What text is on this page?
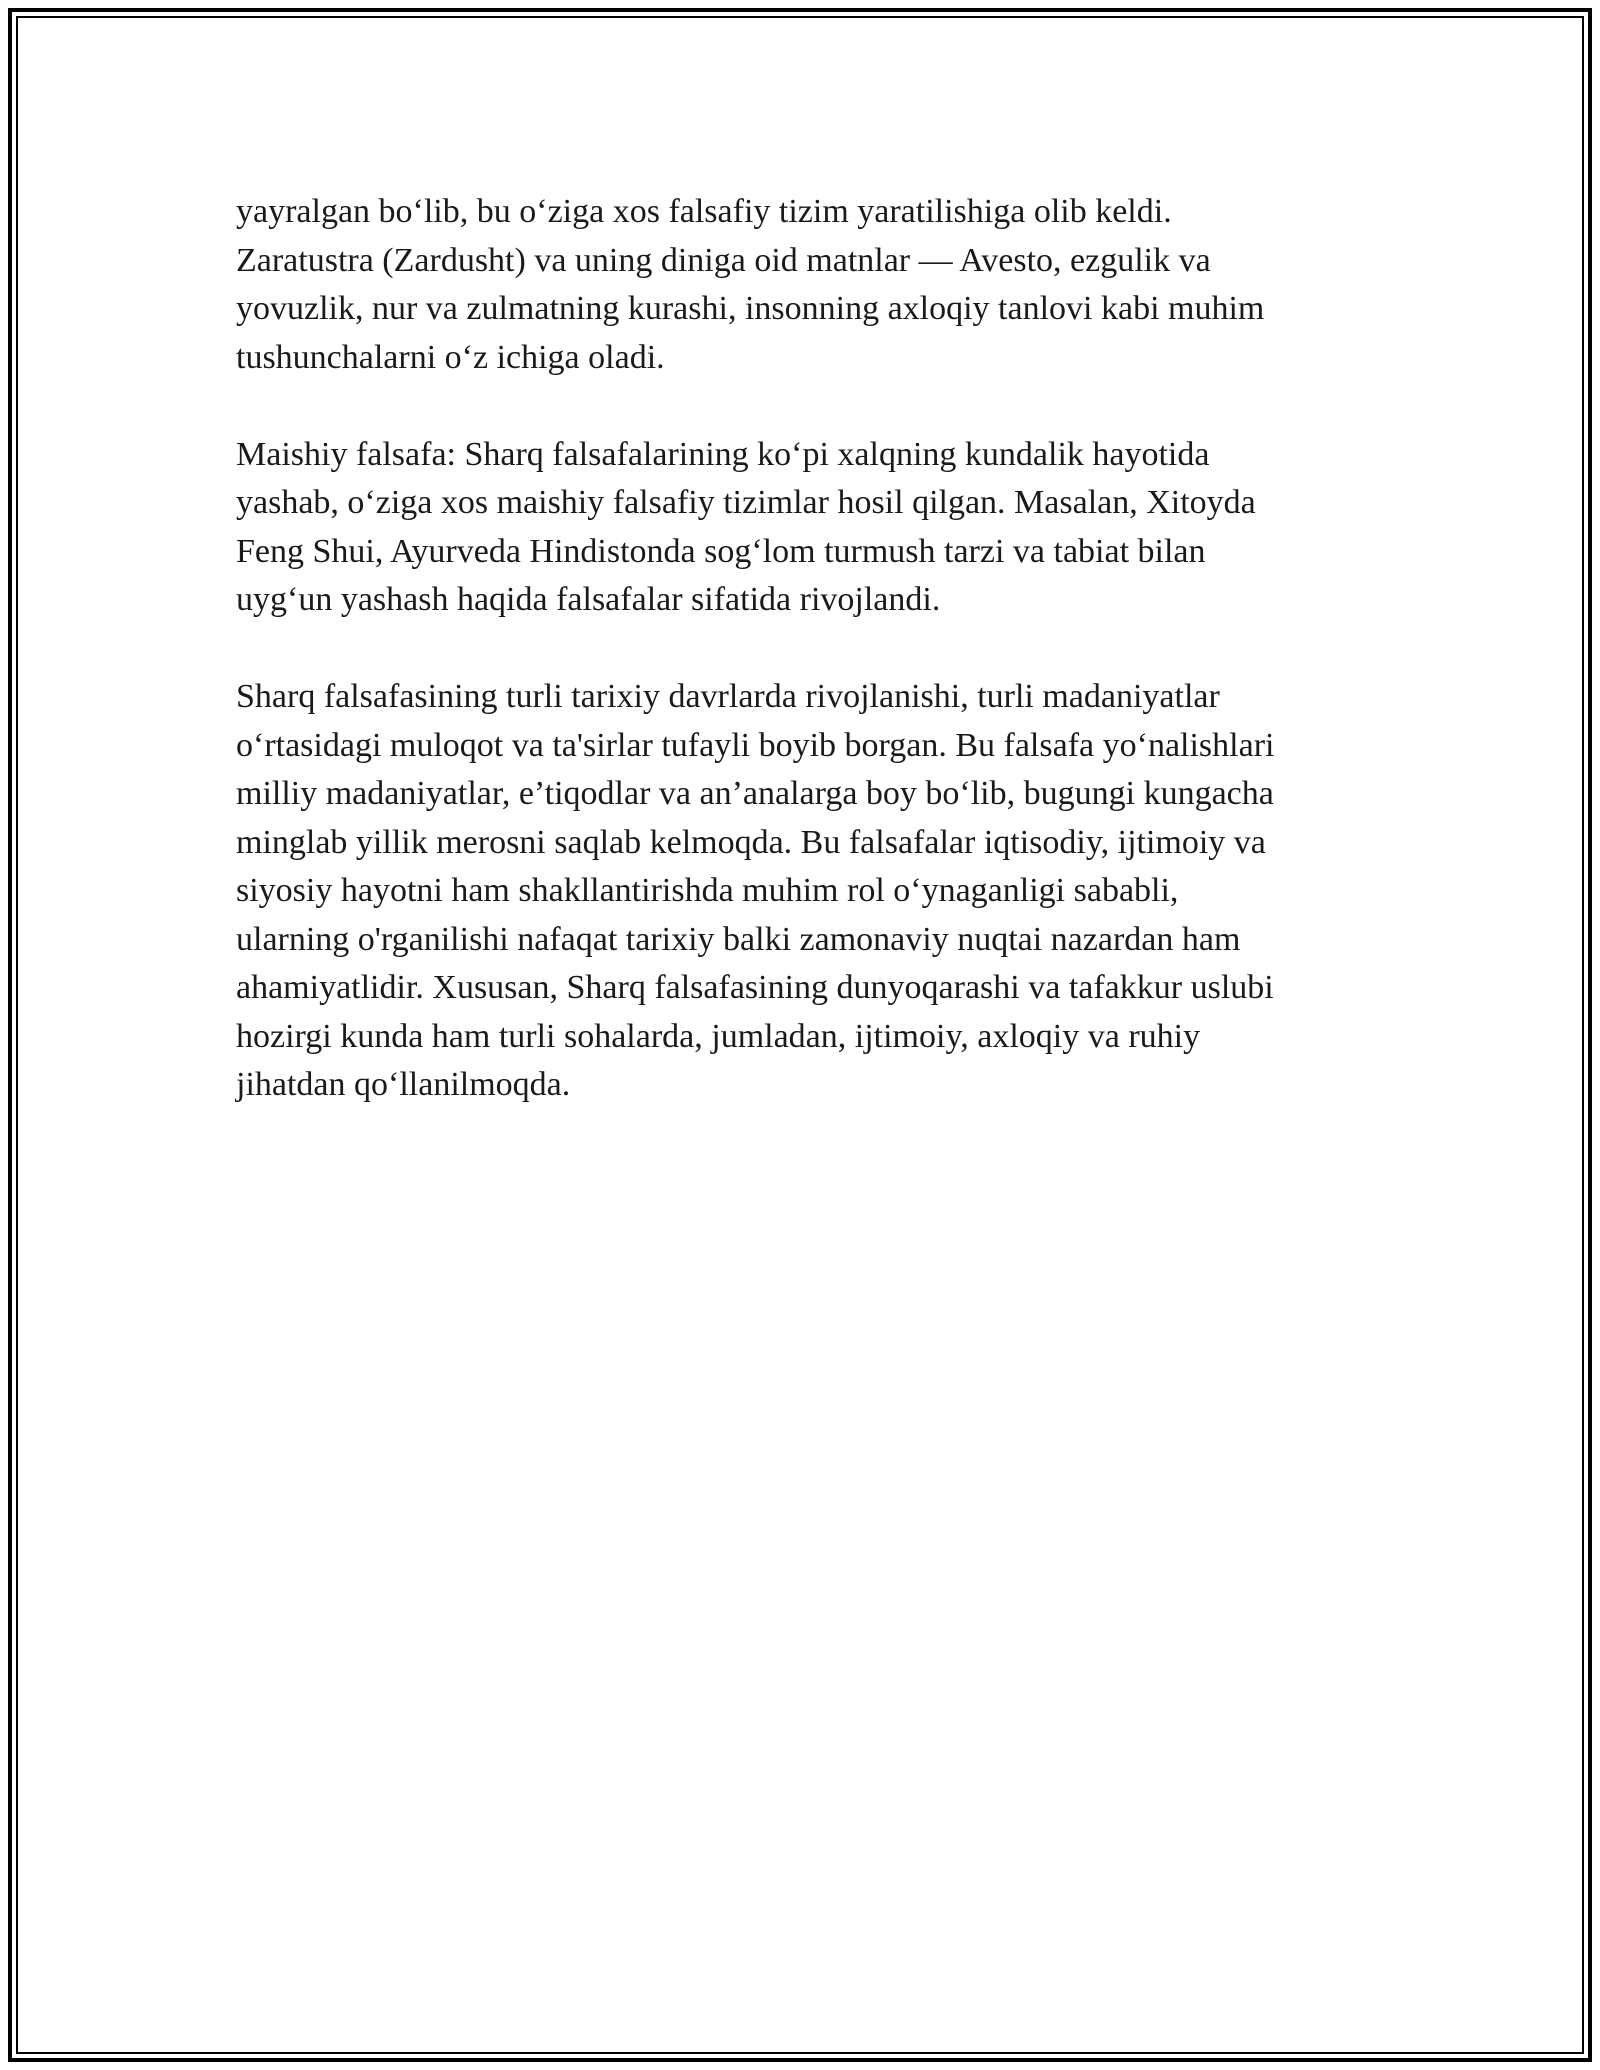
yayralgan bo‘lib, bu o‘ziga xos falsafiy tizim yaratilishiga olib keldi.
Zaratustra (Zardusht) va uning diniga oid matnlar — Avesto, ezgulik va
yovuzlik, nur va zulmatning kurashi, insonning axloqiy tanlovi kabi muhim
tushunchalarni o‘z ichiga oladi.

Maishiy falsafa: Sharq falsafalarining ko‘pi xalqning kundalik hayotida
yashab, o‘ziga xos maishiy falsafiy tizimlar hosil qilgan. Masalan, Xitoyda
Feng Shui, Ayurveda Hindistonda sog‘lom turmush tarzi va tabiat bilan
uyg‘un yashash haqida falsafalar sifatida rivojlandi.

Sharq falsafasining turli tarixiy davrlarda rivojlanishi, turli madaniyatlar
o‘rtasidagi muloqot va ta'sirlar tufayli boyib borgan. Bu falsafa yo‘nalishlari
milliy madaniyatlar, e’tiqodlar va an’analarga boy bo‘lib, bugungi kungacha
minglab yillik merosni saqlab kelmoqda. Bu falsafalar iqtisodiy, ijtimoiy va
siyosiy hayotni ham shakllantirishda muhim rol o‘ynaganligi sababli,
ularning o'rganilishi nafaqat tarixiy balki zamonaviy nuqtai nazardan ham
ahamiyatlidir. Xususan, Sharq falsafasining dunyoqarashi va tafakkur uslubi
hozirgi kunda ham turli sohalarda, jumladan, ijtimoiy, axloqiy va ruhiy
jihatdan qo‘llanilmoqda.
